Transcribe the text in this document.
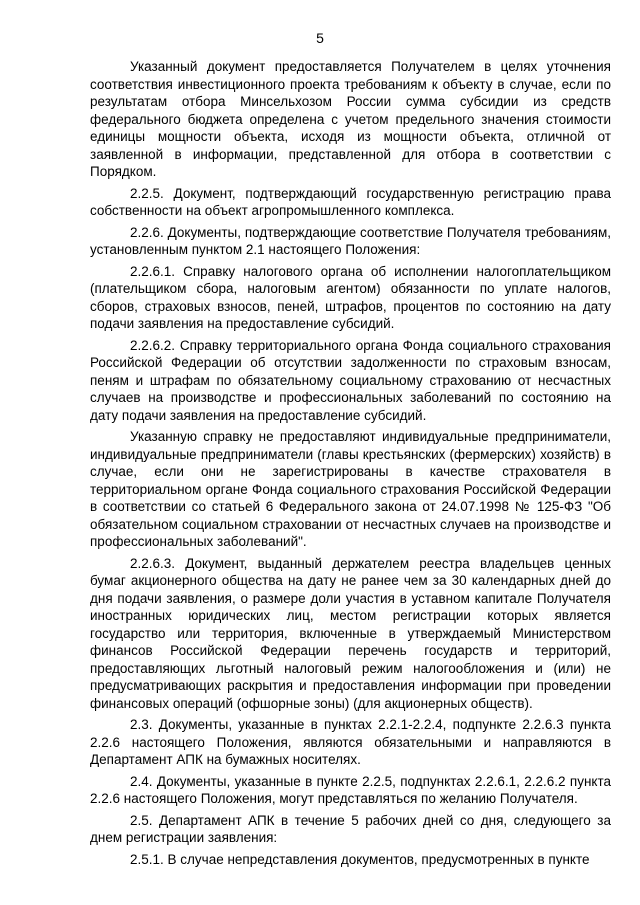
5

Указанный документ предоставляется Получателем в целях уточнения соответствия инвестиционного проекта требованиям к объекту в случае, если по результатам отбора Минсельхозом России сумма субсидии из средств федерального бюджета определена с учетом предельного значения стоимости единицы мощности объекта, исходя из мощности объекта, отличной от заявленной в информации, представленной для отбора в соответствии с Порядком.

2.2.5. Документ, подтверждающий государственную регистрацию права собственности на объект агропромышленного комплекса.

2.2.6. Документы, подтверждающие соответствие Получателя требованиям, установленным пунктом 2.1 настоящего Положения:

2.2.6.1. Справку налогового органа об исполнении налогоплательщиком (плательщиком сбора, налоговым агентом) обязанности по уплате налогов, сборов, страховых взносов, пеней, штрафов, процентов по состоянию на дату подачи заявления на предоставление субсидий.

2.2.6.2. Справку территориального органа Фонда социального страхования Российской Федерации об отсутствии задолженности по страховым взносам, пеням и штрафам по обязательному социальному страхованию от несчастных случаев на производстве и профессиональных заболеваний по состоянию на дату подачи заявления на предоставление субсидий.

Указанную справку не предоставляют индивидуальные предприниматели, индивидуальные предприниматели (главы крестьянских (фермерских) хозяйств) в случае, если они не зарегистрированы в качестве страхователя в территориальном органе Фонда социального страхования Российской Федерации в соответствии со статьей 6 Федерального закона от 24.07.1998 № 125-ФЗ "Об обязательном социальном страховании от несчастных случаев на производстве и профессиональных заболеваний".

2.2.6.3. Документ, выданный держателем реестра владельцев ценных бумаг акционерного общества на дату не ранее чем за 30 календарных дней до дня подачи заявления, о размере доли участия в уставном капитале Получателя иностранных юридических лиц, местом регистрации которых является государство или территория, включенные в утверждаемый Министерством финансов Российской Федерации перечень государств и территорий, предоставляющих льготный налоговый режим налогообложения и (или) не предусматривающих раскрытия и предоставления информации при проведении финансовых операций (офшорные зоны) (для акционерных обществ).

2.3. Документы, указанные в пунктах 2.2.1-2.2.4, подпункте 2.2.6.3 пункта 2.2.6 настоящего Положения, являются обязательными и направляются в Департамент АПК на бумажных носителях.

2.4. Документы, указанные в пункте 2.2.5, подпунктах 2.2.6.1, 2.2.6.2 пункта 2.2.6 настоящего Положения, могут представляться по желанию Получателя.

2.5. Департамент АПК в течение 5 рабочих дней со дня, следующего за днем регистрации заявления:

2.5.1. В случае непредставления документов, предусмотренных в пункте
